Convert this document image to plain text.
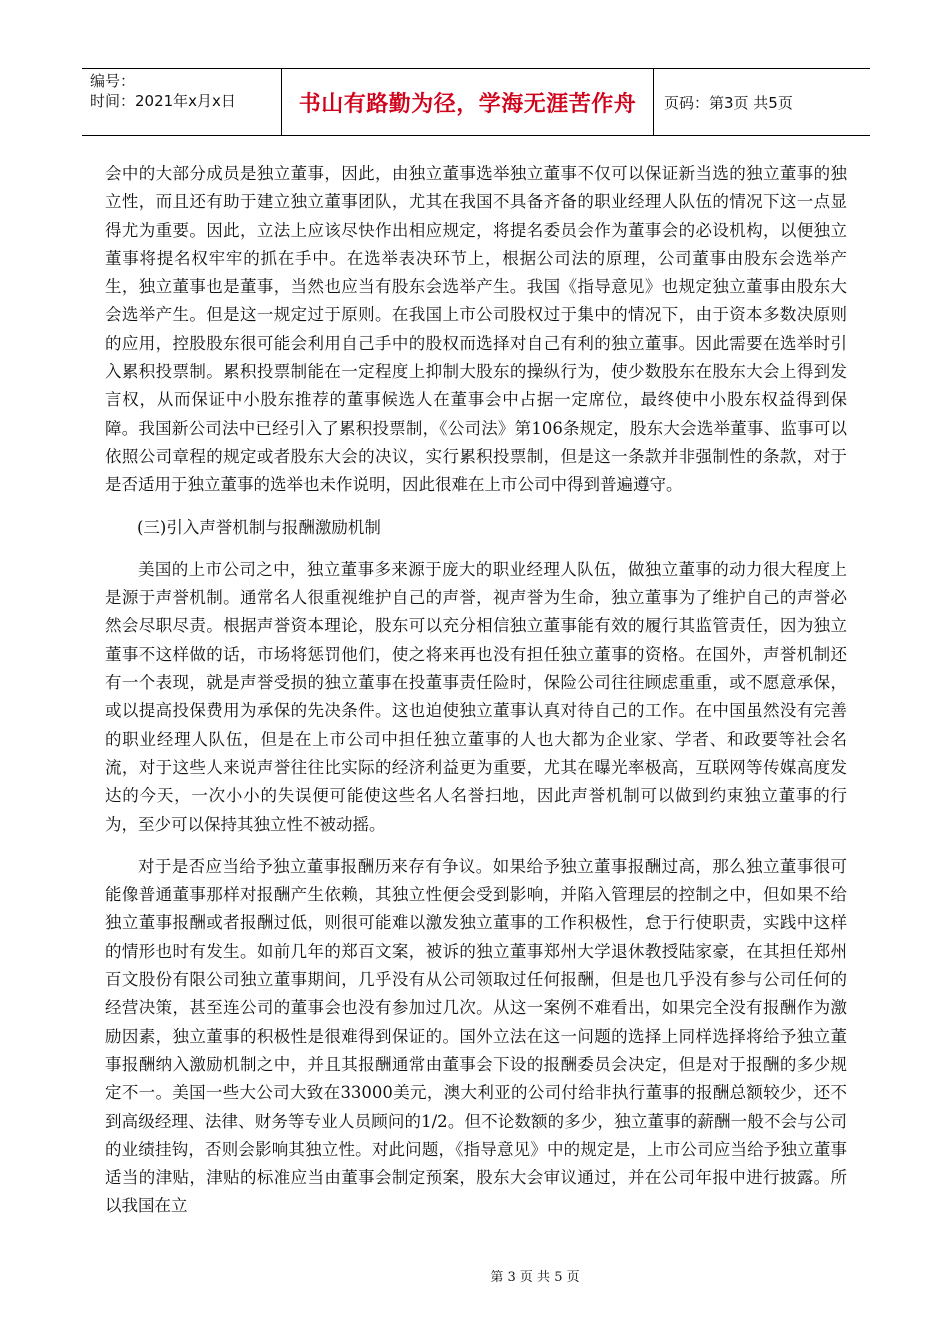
编号：
时间：2021年x月x日	书山有路勤为径，学海无涯苦作舟	页码：第3页 共5页

会中的大部分成员是独立董事，因此，由独立董事选举独立董事不仅可以保证新当选的独立董事的独立性，而且还有助于建立独立董事团队，尤其在我国不具备齐备的职业经理人队伍的情况下这一点显得尤为重要。因此，立法上应该尽快作出相应规定，将提名委员会作为董事会的必设机构，以便独立董事将提名权牢牢的抓在手中。在选举表决环节上，根据公司法的原理，公司董事由股东会选举产生，独立董事也是董事，当然也应当有股东会选举产生。我国《指导意见》也规定独立董事由股东大会选举产生。但是这一规定过于原则。在我国上市公司股权过于集中的情况下，由于资本多数决原则的应用，控股股东很可能会利用自己手中的股权而选择对自己有利的独立董事。因此需要在选举时引入累积投票制。累积投票制能在一定程度上抑制大股东的操纵行为，使少数股东在股东大会上得到发言权，从而保证中小股东推荐的董事候选人在董事会中占据一定席位，最终使中小股东权益得到保障。我国新公司法中已经引入了累积投票制，《公司法》第106条规定，股东大会选举董事、监事可以依照公司章程的规定或者股东大会的决议，实行累积投票制，但是这一条款并非强制性的条款，对于是否适用于独立董事的选举也未作说明，因此很难在上市公司中得到普遍遵守。

(三)引入声誉机制与报酬激励机制

美国的上市公司之中，独立董事多来源于庞大的职业经理人队伍，做独立董事的动力很大程度上是源于声誉机制。通常名人很重视维护自己的声誉，视声誉为生命，独立董事为了维护自己的声誉必然会尽职尽责。根据声誉资本理论，股东可以充分相信独立董事能有效的履行其监管责任，因为独立董事不这样做的话，市场将惩罚他们，使之将来再也没有担任独立董事的资格。在国外，声誉机制还有一个表现，就是声誉受损的独立董事在投董事责任险时，保险公司往往顾虑重重，或不愿意承保，或以提高投保费用为承保的先决条件。这也迫使独立董事认真对待自己的工作。在中国虽然没有完善的职业经理人队伍，但是在上市公司中担任独立董事的人也大都为企业家、学者、和政要等社会名流，对于这些人来说声誉往往比实际的经济利益更为重要，尤其在曝光率极高，互联网等传媒高度发达的今天，一次小小的失误便可能使这些名人名誉扫地，因此声誉机制可以做到约束独立董事的行为，至少可以保持其独立性不被动摇。

对于是否应当给予独立董事报酬历来存有争议。如果给予独立董事报酬过高，那么独立董事很可能像普通董事那样对报酬产生依赖，其独立性便会受到影响，并陷入管理层的控制之中，但如果不给独立董事报酬或者报酬过低，则很可能难以激发独立董事的工作积极性，怠于行使职责，实践中这样的情形也时有发生。如前几年的郑百文案，被诉的独立董事郑州大学退休教授陆家豪，在其担任郑州百文股份有限公司独立董事期间，几乎没有从公司领取过任何报酬，但是也几乎没有参与公司任何的经营决策，甚至连公司的董事会也没有参加过几次。从这一案例不难看出，如果完全没有报酬作为激励因素，独立董事的积极性是很难得到保证的。国外立法在这一问题的选择上同样选择将给予独立董事报酬纳入激励机制之中，并且其报酬通常由董事会下设的报酬委员会决定，但是对于报酬的多少规定不一。美国一些大公司大致在33000美元，澳大利亚的公司付给非执行董事的报酬总额较少，还不到高级经理、法律、财务等专业人员顾问的1/2。但不论数额的多少，独立董事的薪酬一般不会与公司的业绩挂钩，否则会影响其独立性。对此问题，《指导意见》中的规定是，上市公司应当给予独立董事适当的津贴，津贴的标准应当由董事会制定预案，股东大会审议通过，并在公司年报中进行披露。所以我国在立

第 3 页 共 5 页
